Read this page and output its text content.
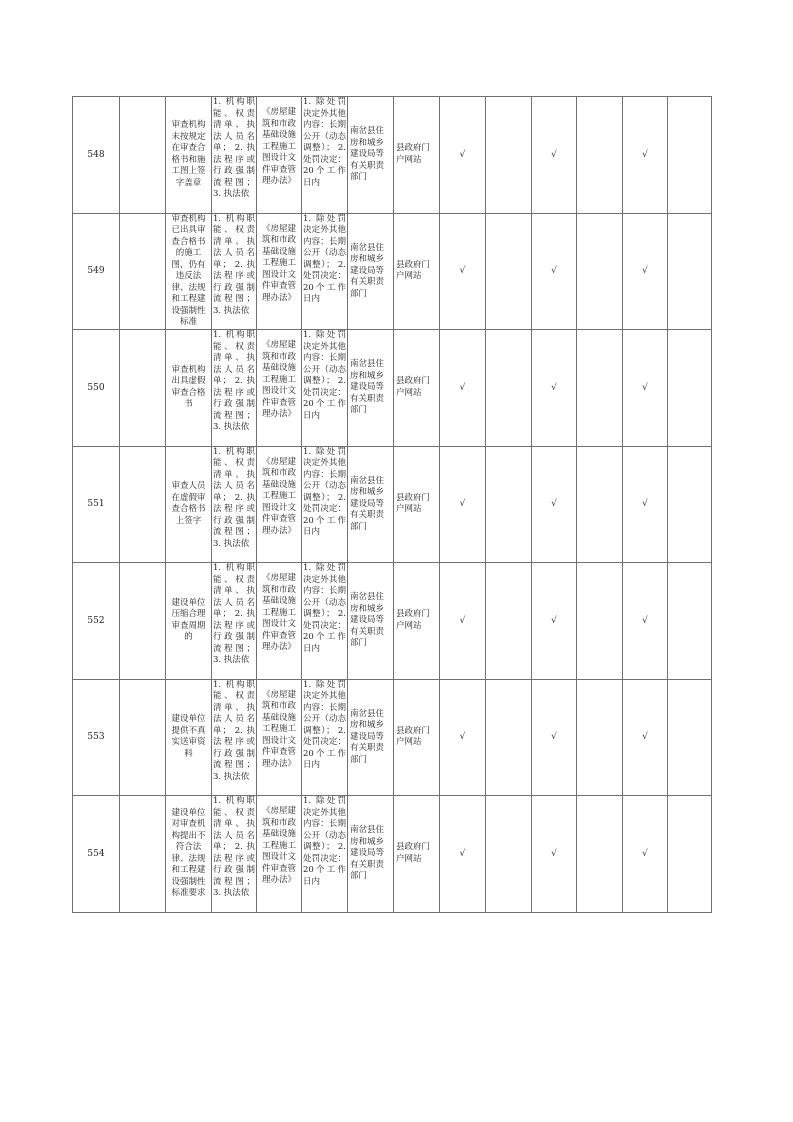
548		审查机构未按规定在审查合格书和施工图上签字盖章	1. 机构职能、权责清单、执法人员名单； 2. 执法程序或行政强制流程图； 3. 执法依	《房屋建筑和市政基础设施工程施工图设计文件审查管理办法》	1. 除处罚决定外其他内容：长期公开（动态调整）； 2. 处罚决定：20个工作日内	南岔县住房和城乡建设局等有关职责部门	县政府门户网站	√		√		√	
549		审查机构已出具审查合格书的施工图，仍有违反法律、法规和工程建设强制性标准	1. 机构职能、权责清单、执法人员名单； 2. 执法程序或行政强制流程图； 3. 执法依	《房屋建筑和市政基础设施工程施工图设计文件审查管理办法》	1. 除处罚决定外其他内容：长期公开（动态调整）； 2. 处罚决定：20个工作日内	南岔县住房和城乡建设局等有关职责部门	县政府门户网站	√		√		√	
550		审查机构出具虚假审查合格书	1. 机构职能、权责清单、执法人员名单； 2. 执法程序或行政强制流程图； 3. 执法依	《房屋建筑和市政基础设施工程施工图设计文件审查管理办法》	1. 除处罚决定外其他内容：长期公开（动态调整）； 2. 处罚决定：20个工作日内	南岔县住房和城乡建设局等有关职责部门	县政府门户网站	√		√		√	
551		审查人员在虚假审查合格书上签字	1. 机构职能、权责清单、执法人员名单； 2. 执法程序或行政强制流程图； 3. 执法依	《房屋建筑和市政基础设施工程施工图设计文件审查管理办法》	1. 除处罚决定外其他内容：长期公开（动态调整）； 2. 处罚决定：20个工作日内	南岔县住房和城乡建设局等有关职责部门	县政府门户网站	√		√		√	
552		建设单位压缩合理审查周期的	1. 机构职能、权责清单、执法人员名单； 2. 执法程序或行政强制流程图； 3. 执法依	《房屋建筑和市政基础设施工程施工图设计文件审查管理办法》	1. 除处罚决定外其他内容：长期公开（动态调整）； 2. 处罚决定：20个工作日内	南岔县住房和城乡建设局等有关职责部门	县政府门户网站	√		√		√	
553		建设单位提供不真实送审资料	1. 机构职能、权责清单、执法人员名单； 2. 执法程序或行政强制流程图； 3. 执法依	《房屋建筑和市政基础设施工程施工图设计文件审查管理办法》	1. 除处罚决定外其他内容：长期公开（动态调整）； 2. 处罚决定：20个工作日内	南岔县住房和城乡建设局等有关职责部门	县政府门户网站	√		√		√	
554		建设单位对审查机构提出不符合法律、法规和工程建设强制性标准要求	1. 机构职能、权责清单、执法人员名单； 2. 执法程序或行政强制流程图； 3. 执法依	《房屋建筑和市政基础设施工程施工图设计文件审查管理办法》	1. 除处罚决定外其他内容：长期公开（动态调整）； 2. 处罚决定：20个工作日内	南岔县住房和城乡建设局等有关职责部门	县政府门户网站	√		√		√	
